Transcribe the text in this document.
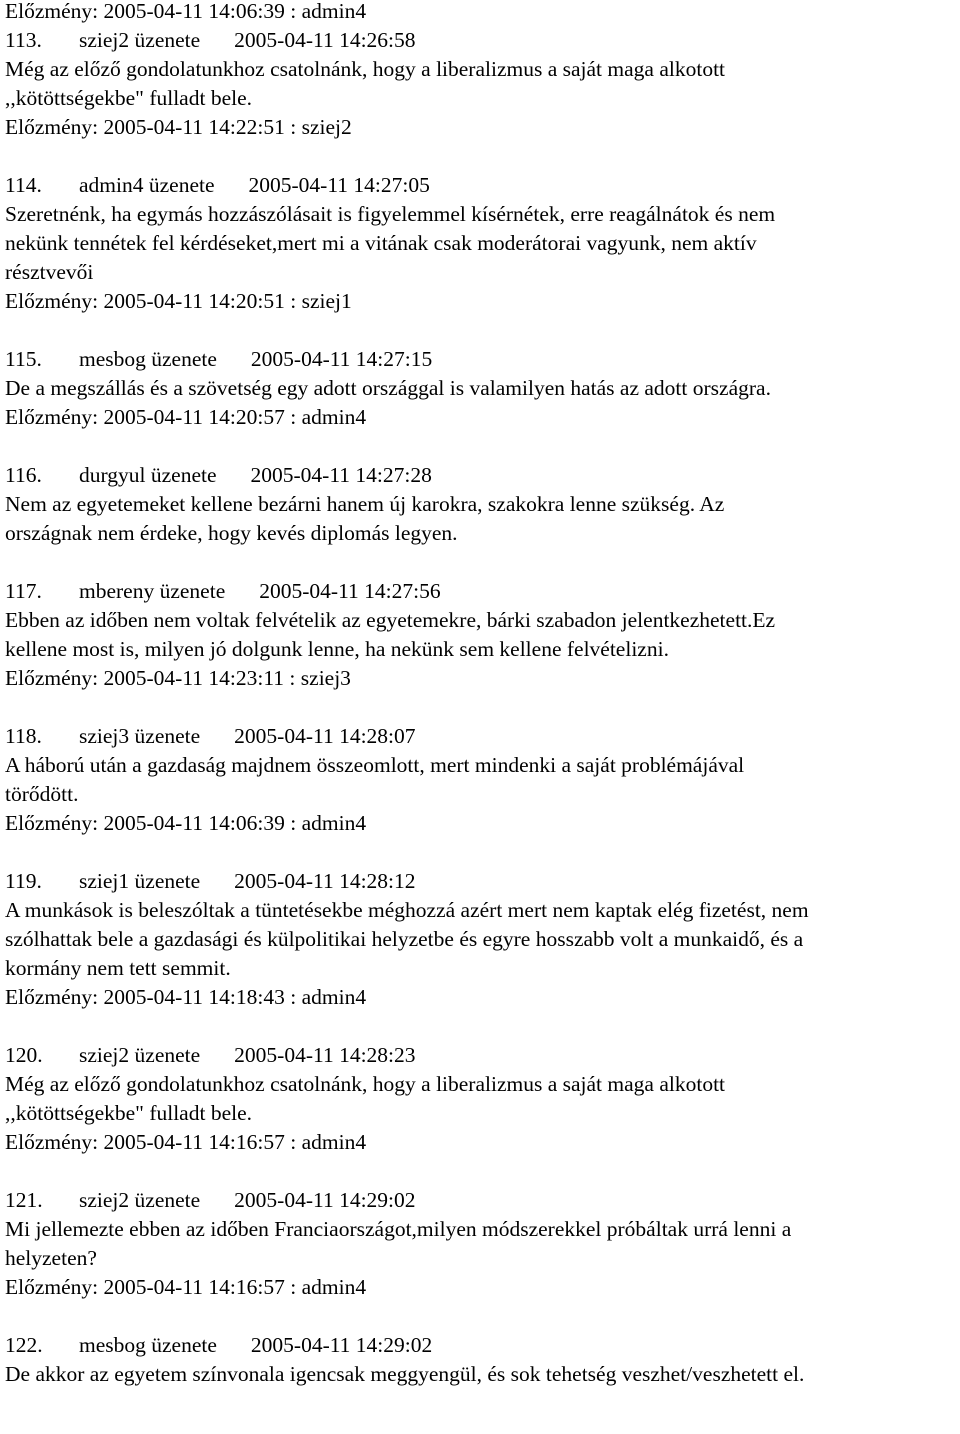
Előzmény: 2005-04-11 14:06:39 : admin4
113. sziej2 üzenete 2005-04-11 14:26:58
Még az előző gondolatunkhoz csatolnánk, hogy a liberalizmus a saját maga alkotott
,,kötöttségekbe" fulladt bele.
Előzmény: 2005-04-11 14:22:51 : sziej2
114. admin4 üzenete 2005-04-11 14:27:05
Szeretnénk, ha egymás hozzászólásait is figyelemmel kísérnétek, erre reagálnátok és nem
nekünk tennétek fel kérdéseket,mert mi a vitának csak moderátorai vagyunk, nem aktív
résztvevői
Előzmény: 2005-04-11 14:20:51 : sziej1
115. mesbog üzenete 2005-04-11 14:27:15
De a megszállás és a szövetség egy adott országgal is valamilyen hatás az adott országra.
Előzmény: 2005-04-11 14:20:57 : admin4
116. durgyul üzenete 2005-04-11 14:27:28
Nem az egyetemeket kellene bezárni hanem új karokra, szakokra lenne szükség. Az
országnak nem érdeke, hogy kevés diplomás legyen.
117. mbereny üzenete 2005-04-11 14:27:56
Ebben az időben nem voltak felvételik az egyetemekre, bárki szabadon jelentkezhetett.Ez
kellene most is, milyen jó dolgunk lenne, ha nekünk sem kellene felvételizni.
Előzmény: 2005-04-11 14:23:11 : sziej3
118. sziej3 üzenete 2005-04-11 14:28:07
A háború után a gazdaság majdnem összeomlott, mert mindenki a saját problémájával
törődött.
Előzmény: 2005-04-11 14:06:39 : admin4
119. sziej1 üzenete 2005-04-11 14:28:12
A munkások is beleszóltak a tüntetésekbe méghozzá azért mert nem kaptak elég fizetést, nem
szólhattak bele a gazdasági és külpolitikai helyzetbe és egyre hosszabb volt a munkaidő, és a
kormány nem tett semmit.
Előzmény: 2005-04-11 14:18:43 : admin4
120. sziej2 üzenete 2005-04-11 14:28:23
Még az előző gondolatunkhoz csatolnánk, hogy a liberalizmus a saját maga alkotott
,,kötöttségekbe" fulladt bele.
Előzmény: 2005-04-11 14:16:57 : admin4
121. sziej2 üzenete 2005-04-11 14:29:02
Mi jellemezte ebben az időben Franciaországot,milyen módszerekkel próbáltak urrá lenni a
helyzeten?
Előzmény: 2005-04-11 14:16:57 : admin4
122. mesbog üzenete 2005-04-11 14:29:02
De akkor az egyetem színvonala igencsak meggyengül, és sok tehetség veszhet/veszhetett el.
